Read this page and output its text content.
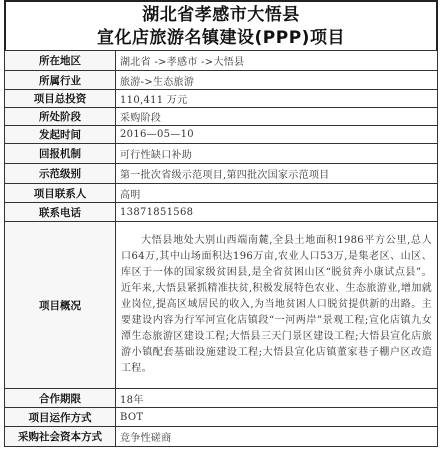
湖北省孝感市大悟县
宣化店旅游名镇建设(PPP)项目
所在地区	湖北省 ->孝感市 ->大悟县
所属行业	旅游->生态旅游
项目总投资	110,411 万元
所处阶段	采购阶段
发起时间	2016—05—10
回报机制	可行性缺口补助
示范级别	第一批次省级示范项目,第四批次国家示范项目
项目联系人	高明
联系电话	13871851568
项目概况	大悟县地处大别山西端南麓,全县土地面积1986平方公里,总人口64万,其中山场面积达196万亩,农业人口53万,是集老区、山区、库区于一体的国家级贫困县,是全省贫困山区“脱贫奔小康试点县”。近年来,大悟县紧抓精准扶贫,积极发展特色农业、生态旅游业,增加就业岗位,提高区域居民的收入,为当地贫困人口脱贫提供新的出路。主要建设内容为行军河宣化店镇段“一河两岸”景观工程;宣化店镇九女潭生态旅游区建设工程;大悟县三天门景区建设工程;大悟县宣化店旅游小镇配套基础设施建设工程;大悟县宣化店镇董家巷子棚户区改造工程。
合作期限	18年
项目运作方式	BOT
采购社会资本方式	竞争性磋商
